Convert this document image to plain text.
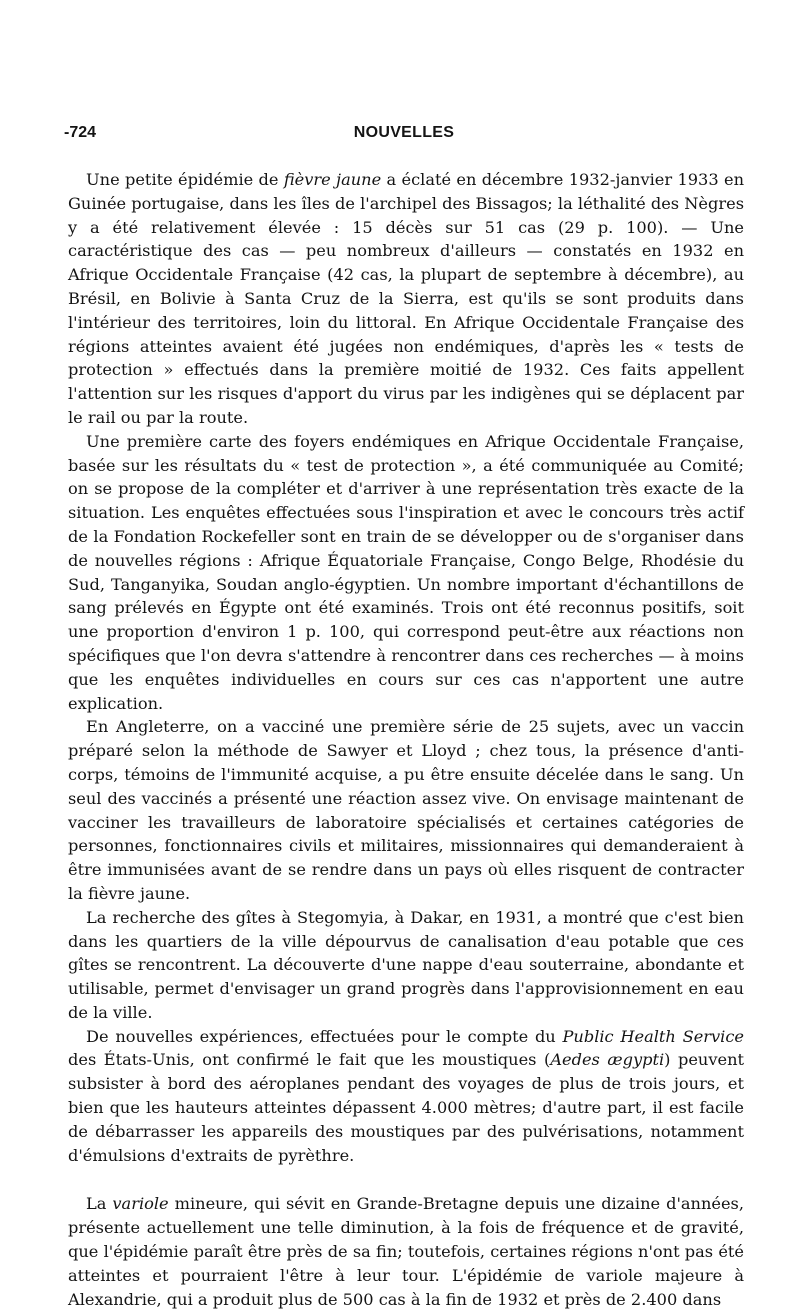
-724	NOUVELLES

Une petite épidémie de fièvre jaune a éclaté en décembre 1932-janvier 1933 en Guinée portugaise, dans les îles de l'archipel des Bissagos; la léthalité des Nègres y a été relativement élevée : 15 décès sur 51 cas (29 p. 100). — Une caractéristique des cas — peu nombreux d'ailleurs — constatés en 1932 en Afrique Occidentale Française (42 cas, la plupart de septembre à décembre), au Brésil, en Bolivie à Santa Cruz de la Sierra, est qu'ils se sont produits dans l'intérieur des territoires, loin du littoral. En Afrique Occidentale Française des régions atteintes avaient été jugées non endémiques, d'après les « tests de protection » effectués dans la première moitié de 1932. Ces faits appellent l'attention sur les risques d'apport du virus par les indigènes qui se déplacent par le rail ou par la route.

Une première carte des foyers endémiques en Afrique Occidentale Française, basée sur les résultats du « test de protection », a été communiquée au Comité; on se propose de la compléter et d'arriver à une représentation très exacte de la situation. Les enquêtes effectuées sous l'inspiration et avec le concours très actif de la Fondation Rockefeller sont en train de se développer ou de s'organiser dans de nouvelles régions : Afrique Équatoriale Française, Congo Belge, Rhodésie du Sud, Tanganyika, Soudan anglo-égyptien. Un nombre important d'échantillons de sang prélevés en Égypte ont été examinés. Trois ont été reconnus positifs, soit une proportion d'environ 1 p. 100, qui correspond peut-être aux réactions non spécifiques que l'on devra s'attendre à rencontrer dans ces recherches — à moins que les enquêtes individuelles en cours sur ces cas n'apportent une autre explication.

En Angleterre, on a vacciné une première série de 25 sujets, avec un vaccin préparé selon la méthode de Sawyer et Lloyd ; chez tous, la présence d'anti-corps, témoins de l'immunité acquise, a pu être ensuite décelée dans le sang. Un seul des vaccinés a présenté une réaction assez vive. On envisage maintenant de vacciner les travailleurs de laboratoire spécialisés et certaines catégories de personnes, fonctionnaires civils et militaires, missionnaires qui demanderaient à être immunisées avant de se rendre dans un pays où elles risquent de contracter la fièvre jaune.

La recherche des gîtes à Stegomyia, à Dakar, en 1931, a montré que c'est bien dans les quartiers de la ville dépourvus de canalisation d'eau potable que ces gîtes se rencontrent. La découverte d'une nappe d'eau souterraine, abondante et utilisable, permet d'envisager un grand progrès dans l'approvisionnement en eau de la ville.

De nouvelles expériences, effectuées pour le compte du Public Health Service des États-Unis, ont confirmé le fait que les moustiques (Aedes ægypti) peuvent subsister à bord des aéroplanes pendant des voyages de plus de trois jours, et bien que les hauteurs atteintes dépassent 4.000 mètres; d'autre part, il est facile de débarrasser les appareils des moustiques par des pulvérisations, notamment d'émulsions d'extraits de pyrèthre.

La variole mineure, qui sévit en Grande-Bretagne depuis une dizaine d'années, présente actuellement une telle diminution, à la fois de fréquence et de gravité, que l'épidémie paraît être près de sa fin; toutefois, certaines régions n'ont pas été atteintes et pourraient l'être à leur tour. L'épidémie de variole majeure à Alexandrie, qui a produit plus de 500 cas à la fin de 1932 et près de 2.400 dans
